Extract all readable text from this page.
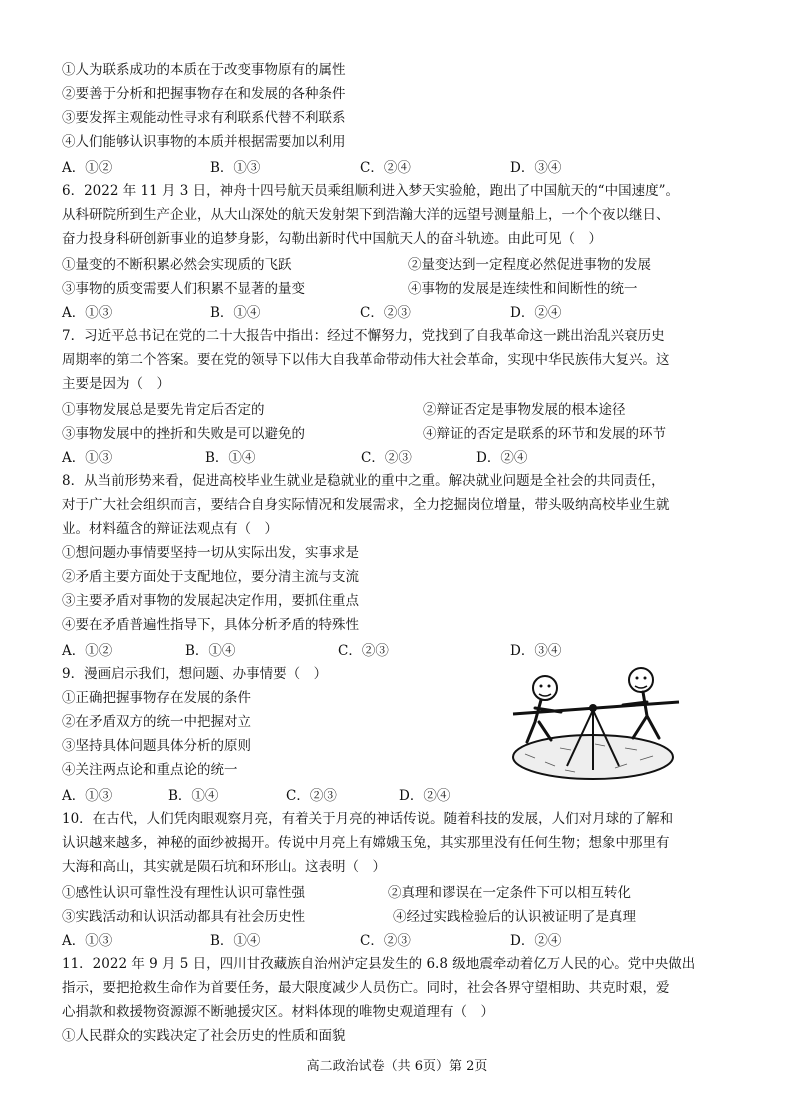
①人为联系成功的本质在于改变事物原有的属性
②要善于分析和把握事物存在和发展的各种条件
③要发挥主观能动性寻求有利联系代替不利联系
④人们能够认识事物的本质并根据需要加以利用
A．①②	B．①③	C．②④	D．③④
6．2022 年 11 月 3 日，神舟十四号航天员乘组顺利进入梦天实验舱，跑出了中国航天的“中国速度”。
从科研院所到生产企业，从大山深处的航天发射架下到浩瀚大洋的远望号测量船上，一个个夜以继日、
奋力投身科研创新事业的追梦身影，勾勒出新时代中国航天人的奋斗轨迹。由此可见（　）
①量变的不断积累必然会实现质的飞跃	②量变达到一定程度必然促进事物的发展
③事物的质变需要人们积累不显著的量变	④事物的发展是连续性和间断性的统一
A．①③	B．①④	C．②③	D．②④
7．习近平总书记在党的二十大报告中指出：经过不懈努力，党找到了自我革命这一跳出治乱兴衰历史
周期率的第二个答案。要在党的领导下以伟大自我革命带动伟大社会革命，实现中华民族伟大复兴。这
主要是因为（　）
①事物发展总是要先肯定后否定的	②辩证否定是事物发展的根本途径
③事物发展中的挫折和失败是可以避免的	④辩证的否定是联系的环节和发展的环节
A．①③	B．①④	C．②③	D．②④
8．从当前形势来看，促进高校毕业生就业是稳就业的重中之重。解决就业问题是全社会的共同责任，
对于广大社会组织而言，要结合自身实际情况和发展需求，全力挖掘岗位增量，带头吸纳高校毕业生就
业。材料蕴含的辩证法观点有（　）
①想问题办事情要坚持一切从实际出发，实事求是
②矛盾主要方面处于支配地位，要分清主流与支流
③主要矛盾对事物的发展起决定作用，要抓住重点
④要在矛盾普遍性指导下，具体分析矛盾的特殊性
A．①②	B．①④	C．②③	D．③④
9．漫画启示我们，想问题、办事情要（　）
①正确把握事物存在发展的条件
②在矛盾双方的统一中把握对立
③坚持具体问题具体分析的原则
④关注两点论和重点论的统一
A．①③	B．①④	C．②③	D．②④
10．在古代，人们凭肉眼观察月亮，有着关于月亮的神话传说。随着科技的发展，人们对月球的了解和
认识越来越多，神秘的面纱被揭开。传说中月亮上有嫦娥玉兔，其实那里没有任何生物；想象中那里有
大海和高山，其实就是陨石坑和环形山。这表明（　）
①感性认识可靠性没有理性认识可靠性强	②真理和谬误在一定条件下可以相互转化
③实践活动和认识活动都具有社会历史性	④经过实践检验后的认识被证明了是真理
A．①③	B．①④	C．②③	D．②④
11．2022 年 9 月 5 日，四川甘孜藏族自治州泸定县发生的 6.8 级地震牵动着亿万人民的心。党中央做出
指示，要把抢救生命作为首要任务，最大限度减少人员伤亡。同时，社会各界守望相助、共克时艰，爱
心捐款和救援物资源源不断驰援灾区。材料体现的唯物史观道理有（　）
①人民群众的实践决定了社会历史的性质和面貌
高二政治试卷（共 6页）第 2页
